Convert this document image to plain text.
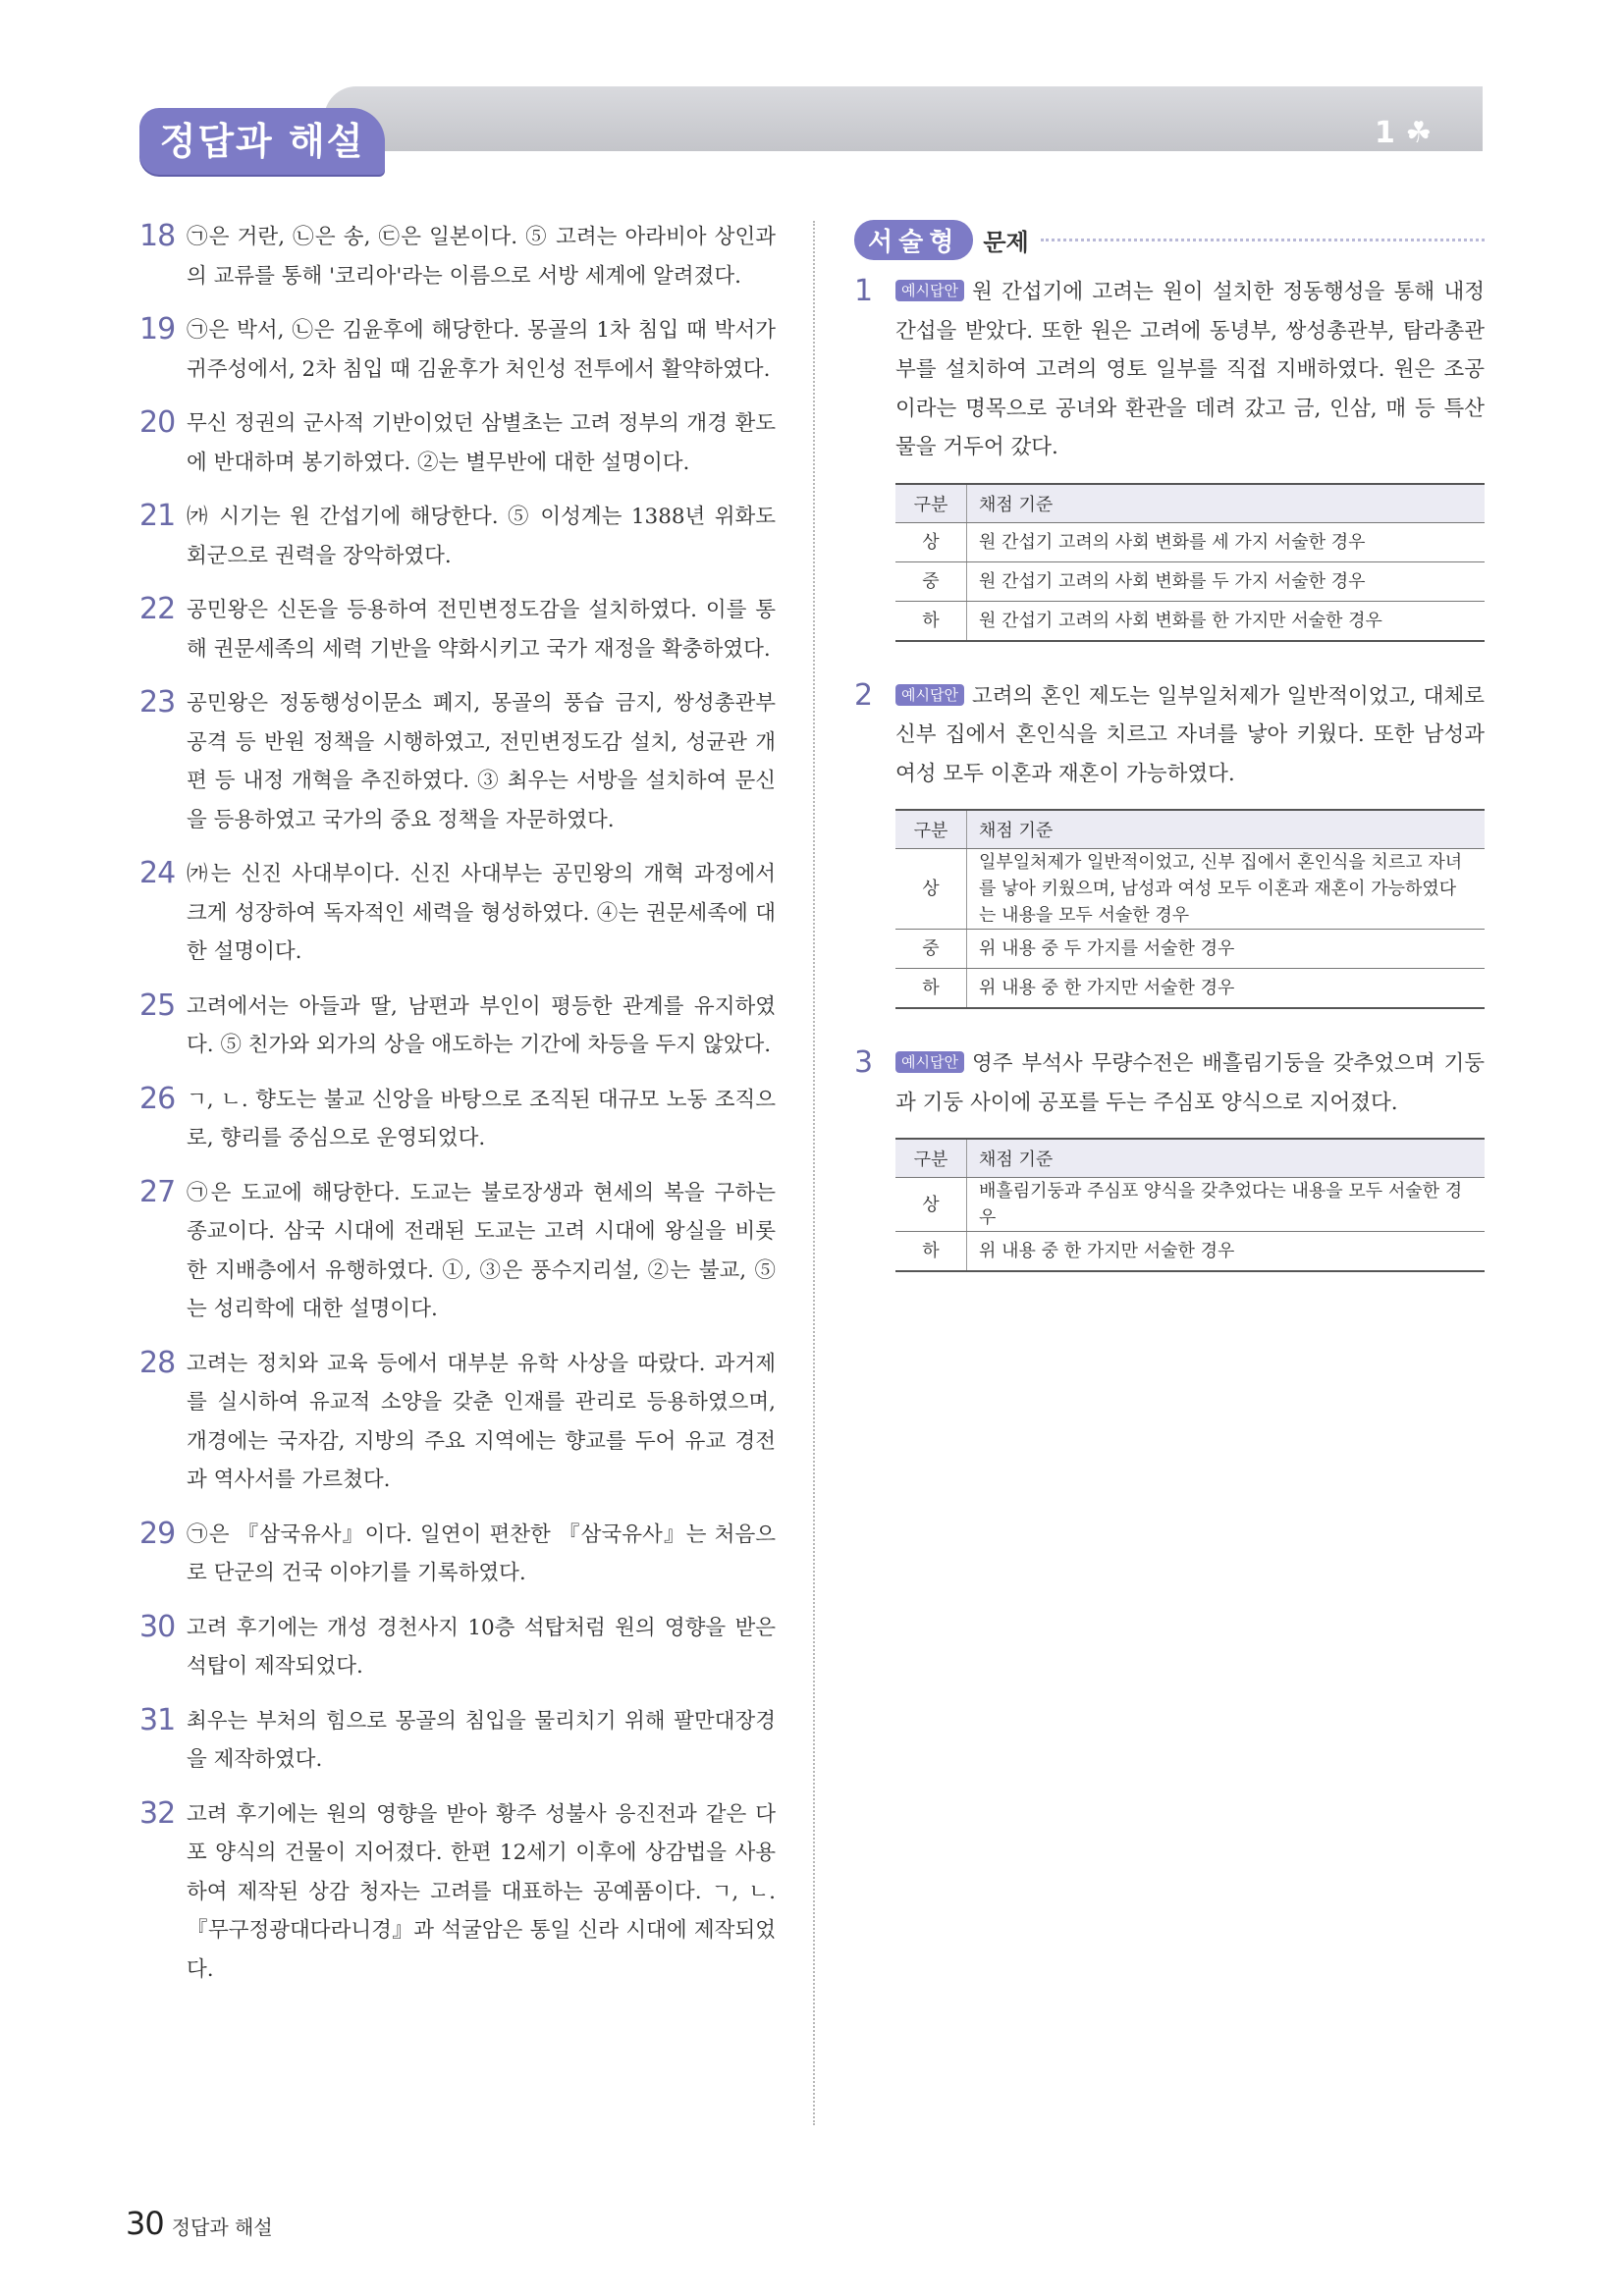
정답과 해설	1 ☘
18 ㉠은 거란, ㉡은 송, ㉢은 일본이다. ⑤ 고려는 아라비아 상인과의 교류를 통해 '코리아'라는 이름으로 서방 세계에 알려졌다.
19 ㉠은 박서, ㉡은 김윤후에 해당한다. 몽골의 1차 침입 때 박서가 귀주성에서, 2차 침입 때 김윤후가 처인성 전투에서 활약하였다.
20 무신 정권의 군사적 기반이었던 삼별초는 고려 정부의 개경 환도에 반대하며 봉기하였다. ②는 별무반에 대한 설명이다.
21 ㈎ 시기는 원 간섭기에 해당한다. ⑤ 이성계는 1388년 위화도 회군으로 권력을 장악하였다.
22 공민왕은 신돈을 등용하여 전민변정도감을 설치하였다. 이를 통해 권문세족의 세력 기반을 약화시키고 국가 재정을 확충하였다.
23 공민왕은 정동행성이문소 폐지, 몽골의 풍습 금지, 쌍성총관부 공격 등 반원 정책을 시행하였고, 전민변정도감 설치, 성균관 개편 등 내정 개혁을 추진하였다. ③ 최우는 서방을 설치하여 문신을 등용하였고 국가의 중요 정책을 자문하였다.
24 ㈎는 신진 사대부이다. 신진 사대부는 공민왕의 개혁 과정에서 크게 성장하여 독자적인 세력을 형성하였다. ④는 권문세족에 대한 설명이다.
25 고려에서는 아들과 딸, 남편과 부인이 평등한 관계를 유지하였다. ⑤ 친가와 외가의 상을 애도하는 기간에 차등을 두지 않았다.
26 ㄱ, ㄴ. 향도는 불교 신앙을 바탕으로 조직된 대규모 노동 조직으로, 향리를 중심으로 운영되었다.
27 ㉠은 도교에 해당한다. 도교는 불로장생과 현세의 복을 구하는 종교이다. 삼국 시대에 전래된 도교는 고려 시대에 왕실을 비롯한 지배층에서 유행하였다. ①, ③은 풍수지리설, ②는 불교, ⑤는 성리학에 대한 설명이다.
28 고려는 정치와 교육 등에서 대부분 유학 사상을 따랐다. 과거제를 실시하여 유교적 소양을 갖춘 인재를 관리로 등용하였으며, 개경에는 국자감, 지방의 주요 지역에는 향교를 두어 유교 경전과 역사서를 가르쳤다.
29 ㉠은 『삼국유사』이다. 일연이 편찬한 『삼국유사』는 처음으로 단군의 건국 이야기를 기록하였다.
30 고려 후기에는 개성 경천사지 10층 석탑처럼 원의 영향을 받은 석탑이 제작되었다.
31 최우는 부처의 힘으로 몽골의 침입을 물리치기 위해 팔만대장경을 제작하였다.
32 고려 후기에는 원의 영향을 받아 황주 성불사 응진전과 같은 다포 양식의 건물이 지어졌다. 한편 12세기 이후에 상감법을 사용하여 제작된 상감 청자는 고려를 대표하는 공예품이다. ㄱ, ㄴ. 『무구정광대다라니경』과 석굴암은 통일 신라 시대에 제작되었다.
서술형	문제
1	예시답안 원 간섭기에 고려는 원이 설치한 정동행성을 통해 내정 간섭을 받았다. 또한 원은 고려에 동녕부, 쌍성총관부, 탐라총관부를 설치하여 고려의 영토 일부를 직접 지배하였다. 원은 조공이라는 명목으로 공녀와 환관을 데려 갔고 금, 인삼, 매 등 특산물을 거두어 갔다.
구분	채점 기준
상	원 간섭기 고려의 사회 변화를 세 가지 서술한 경우
중	원 간섭기 고려의 사회 변화를 두 가지 서술한 경우
하	원 간섭기 고려의 사회 변화를 한 가지만 서술한 경우
2	예시답안 고려의 혼인 제도는 일부일처제가 일반적이었고, 대체로 신부 집에서 혼인식을 치르고 자녀를 낳아 키웠다. 또한 남성과 여성 모두 이혼과 재혼이 가능하였다.
구분	채점 기준
상	일부일처제가 일반적이었고, 신부 집에서 혼인식을 치르고 자녀를 낳아 키웠으며, 남성과 여성 모두 이혼과 재혼이 가능하였다는 내용을 모두 서술한 경우
중	위 내용 중 두 가지를 서술한 경우
하	위 내용 중 한 가지만 서술한 경우
3	예시답안 영주 부석사 무량수전은 배흘림기둥을 갖추었으며 기둥과 기둥 사이에 공포를 두는 주심포 양식으로 지어졌다.
구분	채점 기준
상	배흘림기둥과 주심포 양식을 갖추었다는 내용을 모두 서술한 경우
하	위 내용 중 한 가지만 서술한 경우
30 정답과 해설
